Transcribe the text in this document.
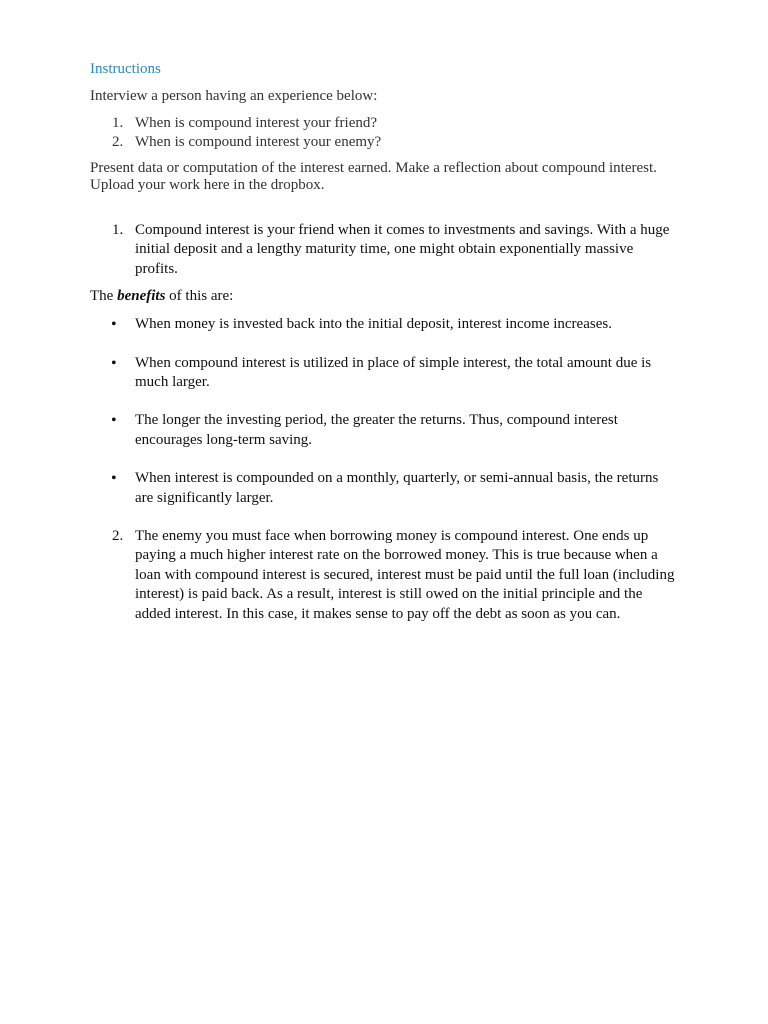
Instructions

Interview a person having an experience below:

1. When is compound interest your friend?
2. When is compound interest your enemy?

Present data or computation of the interest earned. Make a reflection about compound interest.
Upload your work here in the dropbox.

1. Compound interest is your friend when it comes to investments and savings. With a huge initial deposit and a lengthy maturity time, one might obtain exponentially massive profits.

The benefits of this are:

• When money is invested back into the initial deposit, interest income increases.
• When compound interest is utilized in place of simple interest, the total amount due is much larger.
• The longer the investing period, the greater the returns. Thus, compound interest encourages long-term saving.
• When interest is compounded on a monthly, quarterly, or semi-annual basis, the returns are significantly larger.
2. The enemy you must face when borrowing money is compound interest. One ends up paying a much higher interest rate on the borrowed money. This is true because when a loan with compound interest is secured, interest must be paid until the full loan (including interest) is paid back. As a result, interest is still owed on the initial principle and the added interest. In this case, it makes sense to pay off the debt as soon as you can.
